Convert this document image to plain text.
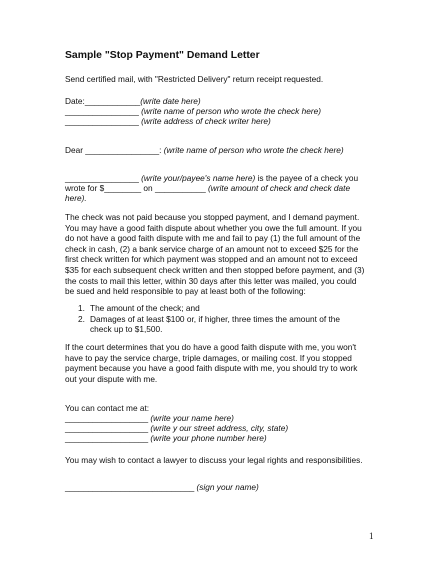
Sample "Stop Payment" Demand Letter
Send certified mail, with "Restricted Delivery" return receipt requested.
Date:____________(write date here)
________________ (write name of person who wrote the check here)
________________ (write address of check writer here)
Dear ________________: (write name of person who wrote the check here)
________________ (write your/payee's name here) is the payee of a check you
wrote for $________ on ___________ (write amount of check and check date
here).

The check was not paid because you stopped payment, and I demand payment.

You may have a good faith dispute about whether you owe the full amount. If you

do not have a good faith dispute with me and fail to pay (1) the full amount of the

check in cash, (2) a bank service charge of an amount not to exceed $25 for the

first check written for which payment was stopped and an amount not to exceed

$35 for each subsequent check written and then stopped before payment, and (3)

the costs to mail this letter, within 30 days after this letter was mailed, you could

be sued and held responsible to pay at least both of the following:

1. The amount of the check; and
2. Damages of at least $100 or, if higher, three times the amount of the
check up to $1,500.

If the court determines that you do have a good faith dispute with me, you won't

have to pay the service charge, triple damages, or mailing cost. If you stopped

payment because you have a good faith dispute with me, you should try to work

out your dispute with me.

You can contact me at:
__________________ (write your name here)
__________________ (write y our street address, city, state)
__________________ (write your phone number here)
You may wish to contact a lawyer to discuss your legal rights and responsibilities.
____________________________ (sign your name)
1
